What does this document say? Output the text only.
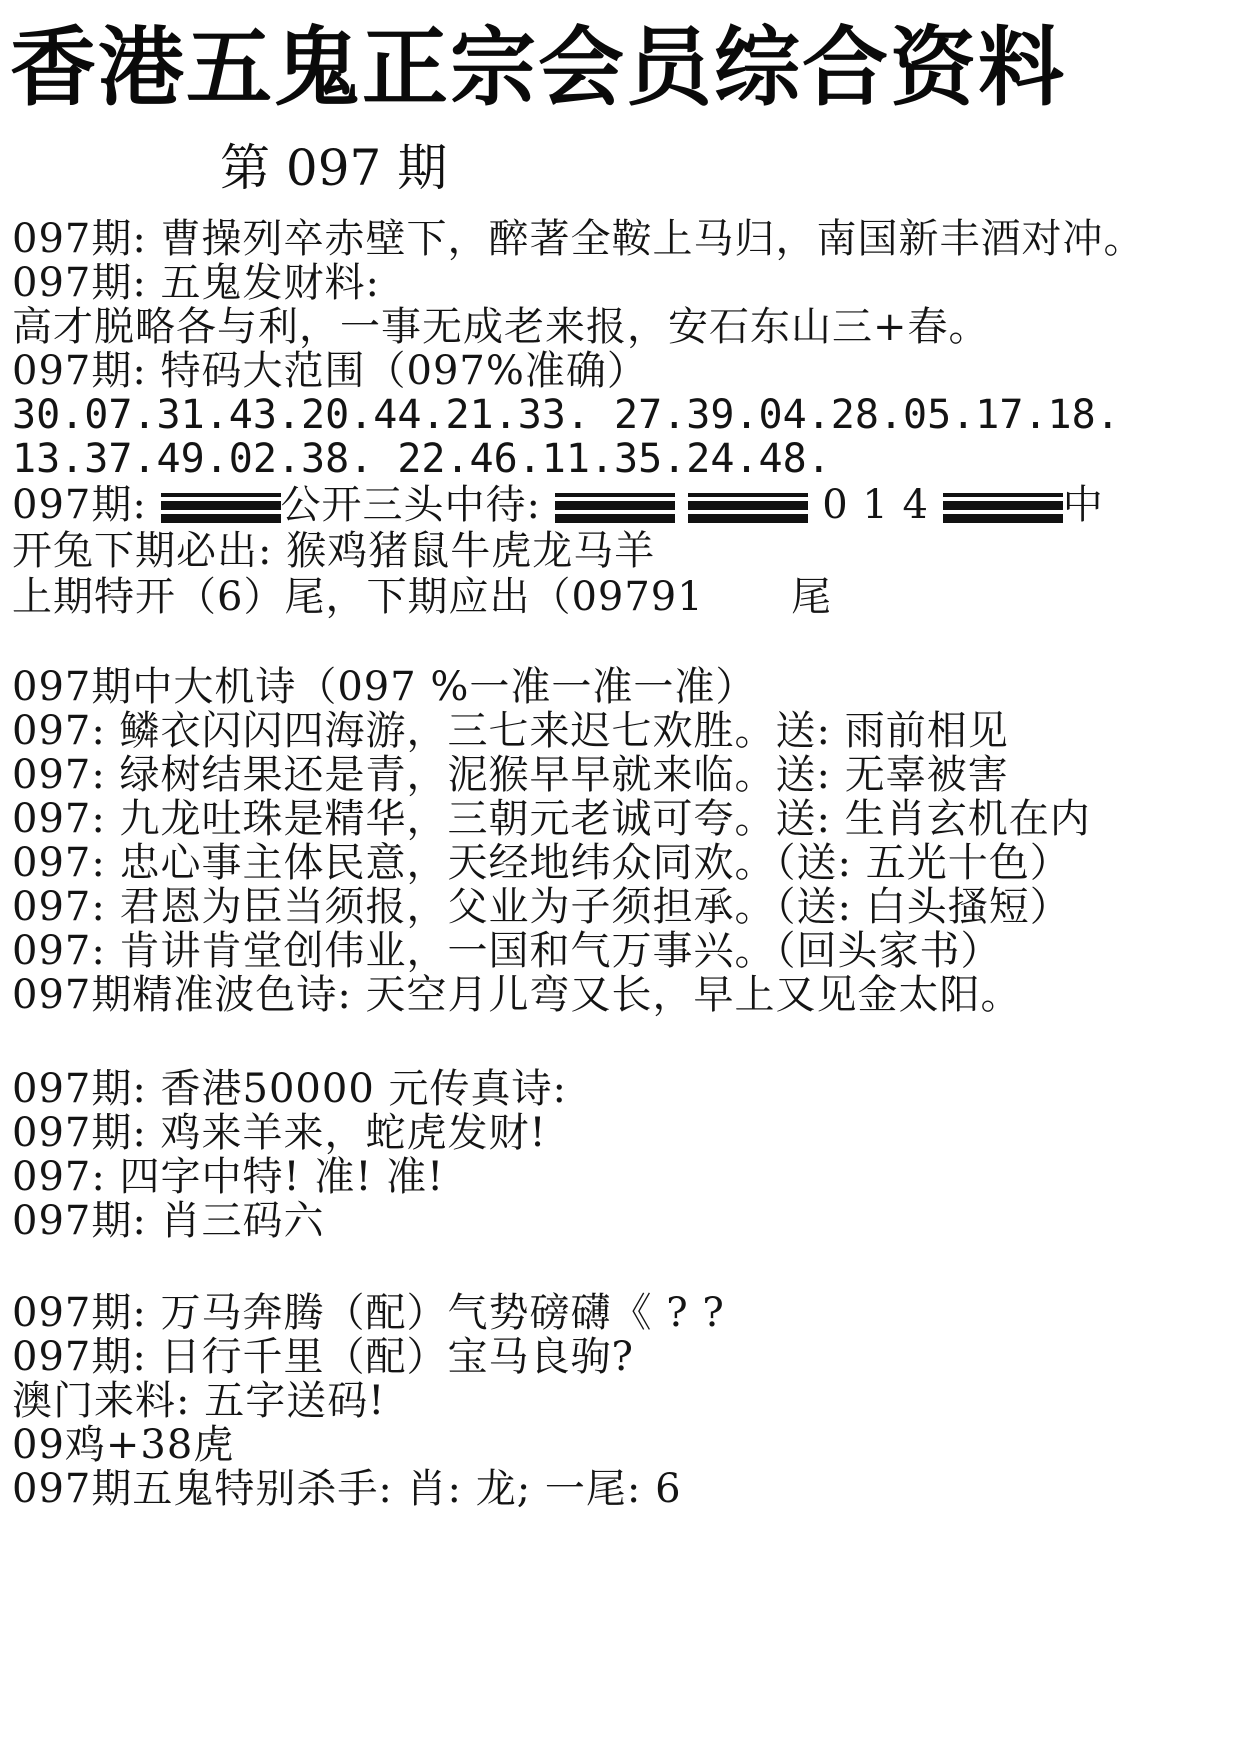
香港五鬼正宗会员综合资料
第 097 期
097期: 曹操列卒赤壁下，醉著全鞍上马归，南国新丰酒对冲。
097期: 五鬼发财料:
高才脱略各与利，一事无成老来报，安石东山三+春。
097期: 特码大范围（097%准确）
30.07.31.43.20.44.21.33. 27.39.04.28.05.17.18.
13.37.49.02.38. 22.46.11.35.24.48.
097期:	公开三头中待:	0 1 4	中
开兔下期必出: 猴鸡猪鼠牛虎龙马羊
上期特开（6）尾，下期应出（09791 尾
097期中大机诗（097 %一准一准一准）
097: 鳞衣闪闪四海游，三七来迟七欢胜。送: 雨前相见
097: 绿树结果还是青，泥猴早早就来临。送: 无辜被害
097: 九龙吐珠是精华，三朝元老诚可夸。送: 生肖玄机在内
097: 忠心事主体民意，天经地纬众同欢。（送: 五光十色）
097: 君恩为臣当须报，父业为子须担承。（送: 白头搔短）
097: 肯讲肯堂创伟业，一国和气万事兴。（回头家书）
097期精准波色诗: 天空月儿弯又长，早上又见金太阳。
097期: 香港50000 元传真诗:
097期: 鸡来羊来，蛇虎发财!
097: 四字中特! 准! 准!
097期: 肖三码六
097期: 万马奔腾（配）气势磅礴《 ? ?
097期: 日行千里（配）宝马良驹?
澳门来料: 五字送码!
09鸡+38虎
097期五鬼特别杀手: 肖: 龙; 一尾: 6
